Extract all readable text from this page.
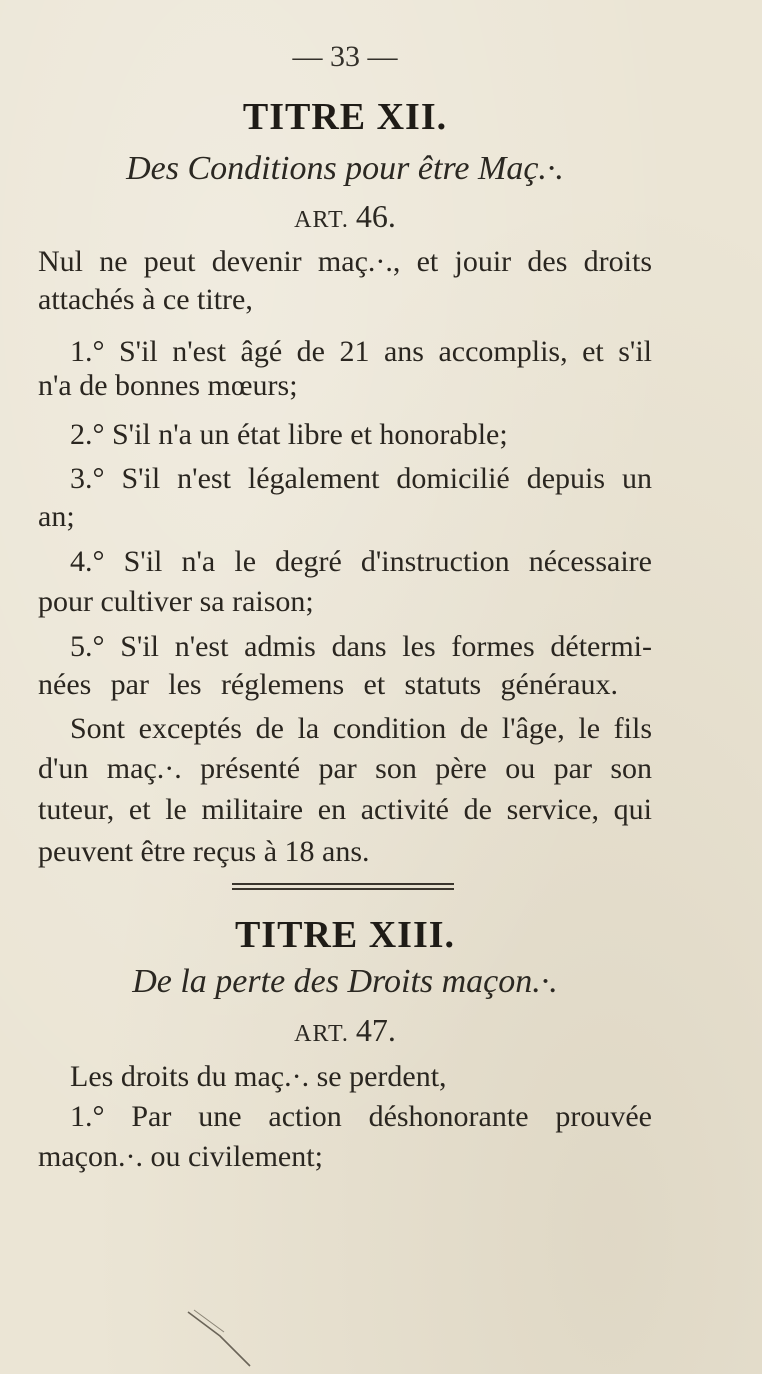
— 33 —
TITRE XII.
Des Conditions pour être Maç.·.
ART. 46.
Nul ne peut devenir maç.·., et jouir des droits
attachés à ce titre,
1.° S'il n'est âgé de 21 ans accomplis, et s'il
n'a de bonnes mœurs;
2.° S'il n'a un état libre et honorable;
3.° S'il n'est légalement domicilié depuis un
an;
4.° S'il n'a le degré d'instruction nécessaire
pour cultiver sa raison;
5.° S'il n'est admis dans les formes détermi-
nées par les réglemens et statuts généraux.
Sont exceptés de la condition de l'âge, le fils
d'un maç.·. présenté par son père ou par son
tuteur, et le militaire en activité de service, qui
peuvent être reçus à 18 ans.
TITRE XIII.
De la perte des Droits maçon.·.
ART. 47.
Les droits du maç.·. se perdent,
1.° Par une action déshonorante prouvée
maçon.·. ou civilement;
